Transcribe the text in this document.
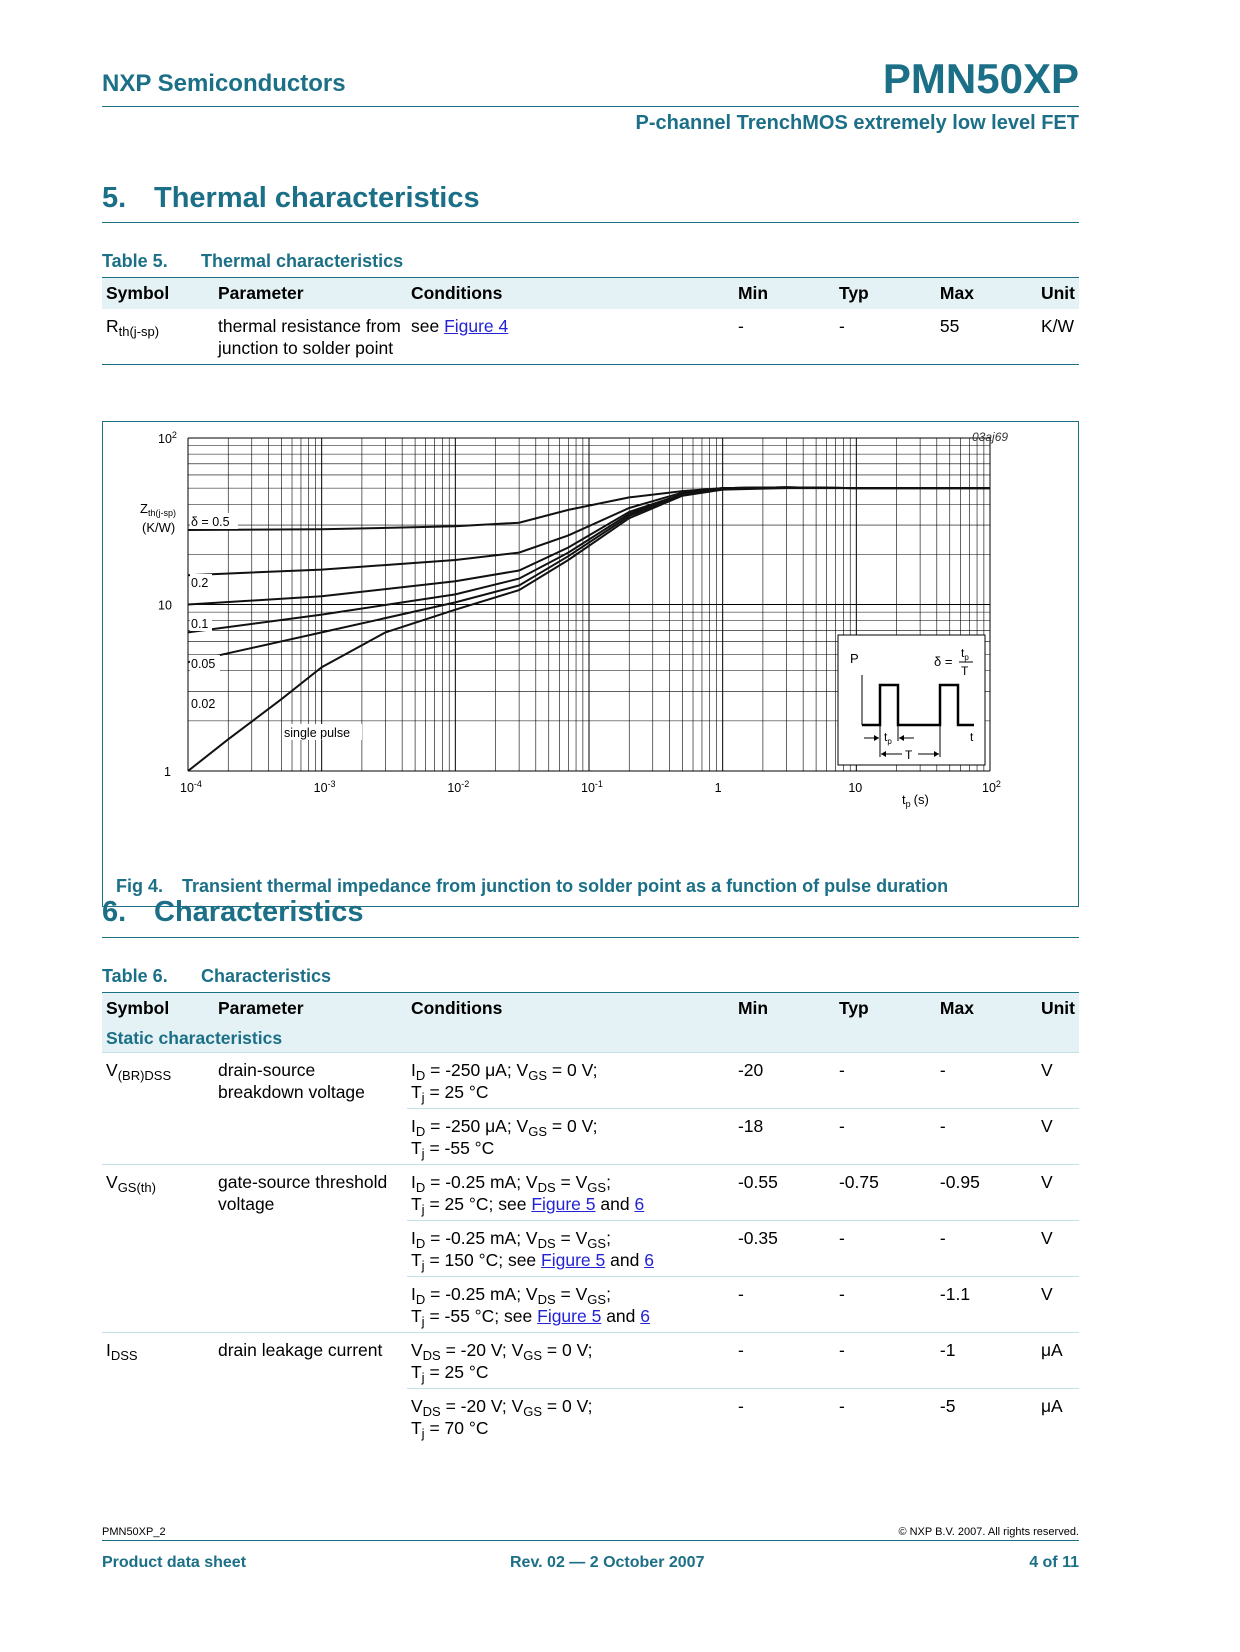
NXP Semiconductors	PMN50XP
P-channel TrenchMOS extremely low level FET
5. Thermal characteristics
Table 5. Thermal characteristics
Symbol	Parameter	Conditions	Min	Typ	Max	Unit
$R_{th(j-sp)}$	thermal resistance from junction to solder point	see Figure 4	-	-	55	K/W
$10^{-4}$	$10^{-3}$	$10^{-2}$	$10^{-1}$	1	10	$10^2$
1
10
$10^2$	03aj69
$Z_{th(j-sp)}$
(K/W)
$t_p$ (s)
P	δ =
$t_p$
T
$t_p$	t
T
δ = 0.5
0.2
0.1
0.05
0.02
single pulse
Fig 4. Transient thermal impedance from junction to solder point as a function of pulse duration
6. Characteristics
Table 6. Characteristics
Symbol	Parameter	Conditions	Min	Typ	Max	Unit
Static characteristics						
$V_{(BR)DSS}$	drain-source breakdown voltage	$I_D = -250$ μA; $V_{GS} = 0$ V;
$T_j = 25$ °C	-20	-	-	V
		$I_D = -250$ μA; $V_{GS} = 0$ V;
$T_j = -55$ °C	-18	-	-	V
$V_{GS(th)}$	gate-source threshold voltage	$I_D = -0.25$ mA; $V_{DS} = V_{GS}$;
$T_j = 25$ °C; see Figure 5 and 6	-0.55	-0.75	-0.95	V
		$I_D = -0.25$ mA; $V_{DS} = V_{GS}$;
$T_j = 150$ °C; see Figure 5 and 6	-0.35	-	-	V
		$I_D = -0.25$ mA; $V_{DS} = V_{GS}$;
$T_j = -55$ °C; see Figure 5 and 6	-	-	-1.1	V
$I_{DSS}$	drain leakage current	$V_{DS} = -20$ V; $V_{GS} = 0$ V;
$T_j = 25$ °C	-	-	-1	μA
		$V_{DS} = -20$ V; $V_{GS} = 0$ V;
$T_j = 70$ °C	-	-	-5	μA
PMN50XP_2	© NXP B.V. 2007. All rights reserved.
Product data sheet	Rev. 02 — 2 October 2007	4 of 11
